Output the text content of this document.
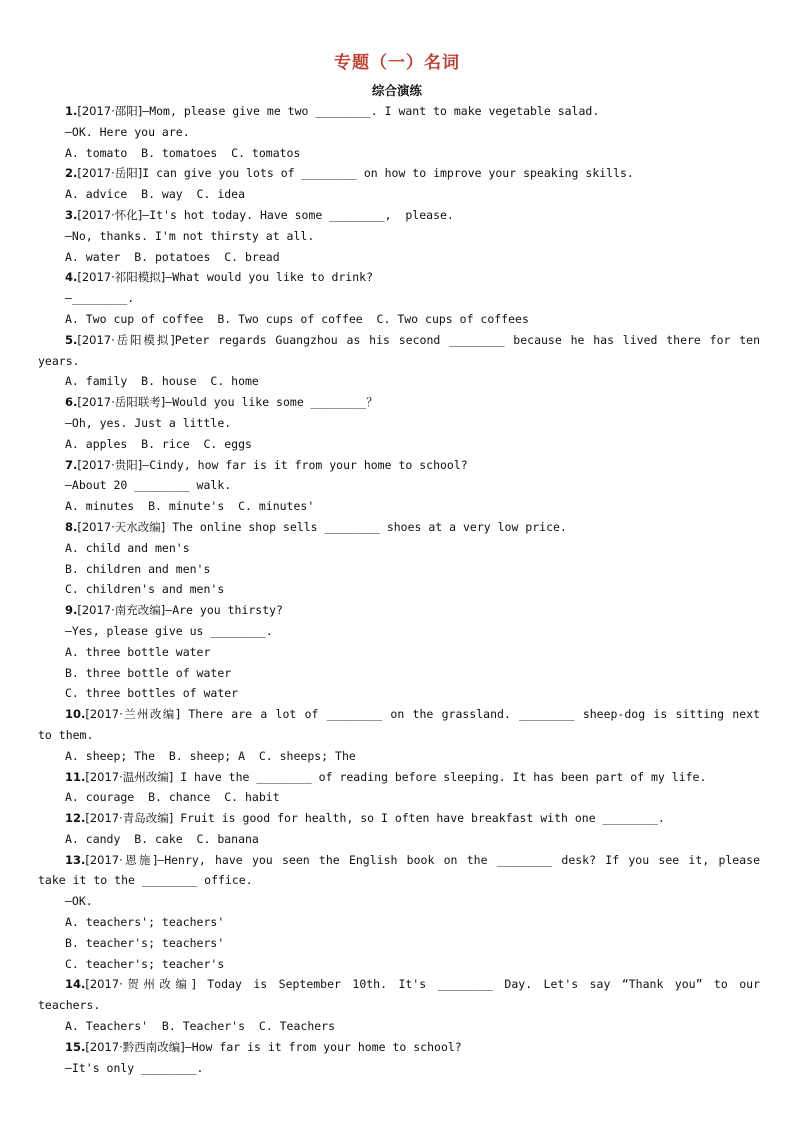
专题（一）名词
综合演练
1.[2017·邵阳]—Mom, please give me two ________. I want to make vegetable salad.
—OK. Here you are.
A. tomato  B. tomatoes  C. tomatos
2.[2017·岳阳]I can give you lots of ________ on how to improve your speaking skills.
A. advice  B. way  C. idea
3.[2017·怀化]—It's hot today. Have some ________,  please.
—No, thanks. I'm not thirsty at all.
A. water  B. potatoes  C. bread
4.[2017·祁阳模拟]—What would you like to drink?
—________.
A. Two cup of coffee  B. Two cups of coffee  C. Two cups of coffees
5.[2017·岳阳模拟]Peter regards Guangzhou as his second ________ because he has lived there for ten
years.
A. family  B. house  C. home
6.[2017·岳阳联考]—Would you like some ________？
—Oh, yes. Just a little.
A. apples  B. rice  C. eggs
7.[2017·贵阳]—Cindy, how far is it from your home to school?
—About 20 ________ walk.
A. minutes  B. minute's  C. minutes'
8.[2017·天水改编] The online shop sells ________ shoes at a very low price.
A. child and men's
B. children and men's
C. children's and men's
9.[2017·南充改编]—Are you thirsty?
—Yes, please give us ________.
A. three bottle water
B. three bottle of water
C. three bottles of water
10.[2017·兰州改编] There are a lot of ________ on the grassland. ________ sheep-dog is sitting next
to them.
A. sheep; The  B. sheep; A  C. sheeps; The
11.[2017·温州改编] I have the ________ of reading before sleeping. It has been part of my life.
A. courage  B. chance  C. habit
12.[2017·青岛改编] Fruit is good for health, so I often have breakfast with one ________.
A. candy  B. cake  C. banana
13.[2017·恩施]—Henry, have you seen the English book on the ________ desk? If you see it, please
take it to the ________ office.
—OK.
A. teachers'; teachers'
B. teacher's; teachers'
C. teacher's; teacher's
14.[2017·贺州改编] Today is September 10th. It's ________ Day. Let's say “Thank you” to our
teachers.
A. Teachers'  B. Teacher's  C. Teachers
15.[2017·黔西南改编]—How far is it from your home to school?
—It's only ________.
